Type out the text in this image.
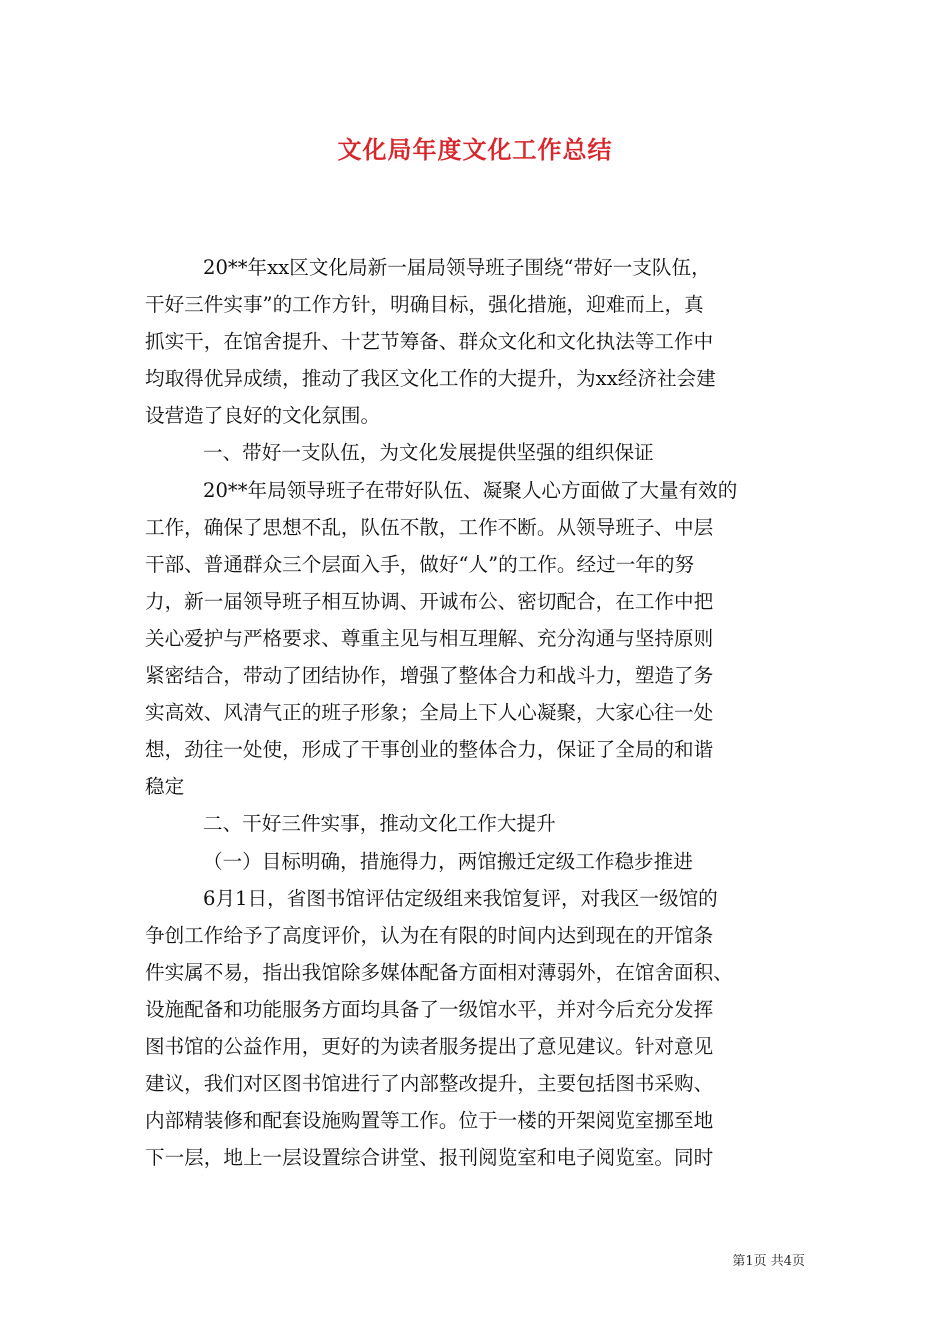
文化局年度文化工作总结
20**年xx区文化局新一届局领导班子围绕“带好一支队伍，
干好三件实事”的工作方针，明确目标，强化措施，迎难而上，真
抓实干，在馆舍提升、十艺节筹备、群众文化和文化执法等工作中
均取得优异成绩，推动了我区文化工作的大提升，为xx经济社会建
设营造了良好的文化氛围。
一、带好一支队伍，为文化发展提供坚强的组织保证
20**年局领导班子在带好队伍、凝聚人心方面做了大量有效的
工作，确保了思想不乱，队伍不散，工作不断。从领导班子、中层
干部、普通群众三个层面入手，做好“人”的工作。经过一年的努
力，新一届领导班子相互协调、开诚布公、密切配合，在工作中把
关心爱护与严格要求、尊重主见与相互理解、充分沟通与坚持原则
紧密结合，带动了团结协作，增强了整体合力和战斗力，塑造了务
实高效、风清气正的班子形象；全局上下人心凝聚，大家心往一处
想，劲往一处使，形成了干事创业的整体合力，保证了全局的和谐
稳定
二、干好三件实事，推动文化工作大提升
（一）目标明确，措施得力，两馆搬迁定级工作稳步推进
6月1日，省图书馆评估定级组来我馆复评，对我区一级馆的
争创工作给予了高度评价，认为在有限的时间内达到现在的开馆条
件实属不易，指出我馆除多媒体配备方面相对薄弱外，在馆舍面积、
设施配备和功能服务方面均具备了一级馆水平，并对今后充分发挥
图书馆的公益作用，更好的为读者服务提出了意见建议。针对意见
建议，我们对区图书馆进行了内部整改提升，主要包括图书采购、
内部精装修和配套设施购置等工作。位于一楼的开架阅览室挪至地
下一层，地上一层设置综合讲堂、报刊阅览室和电子阅览室。同时
第1页 共4页
